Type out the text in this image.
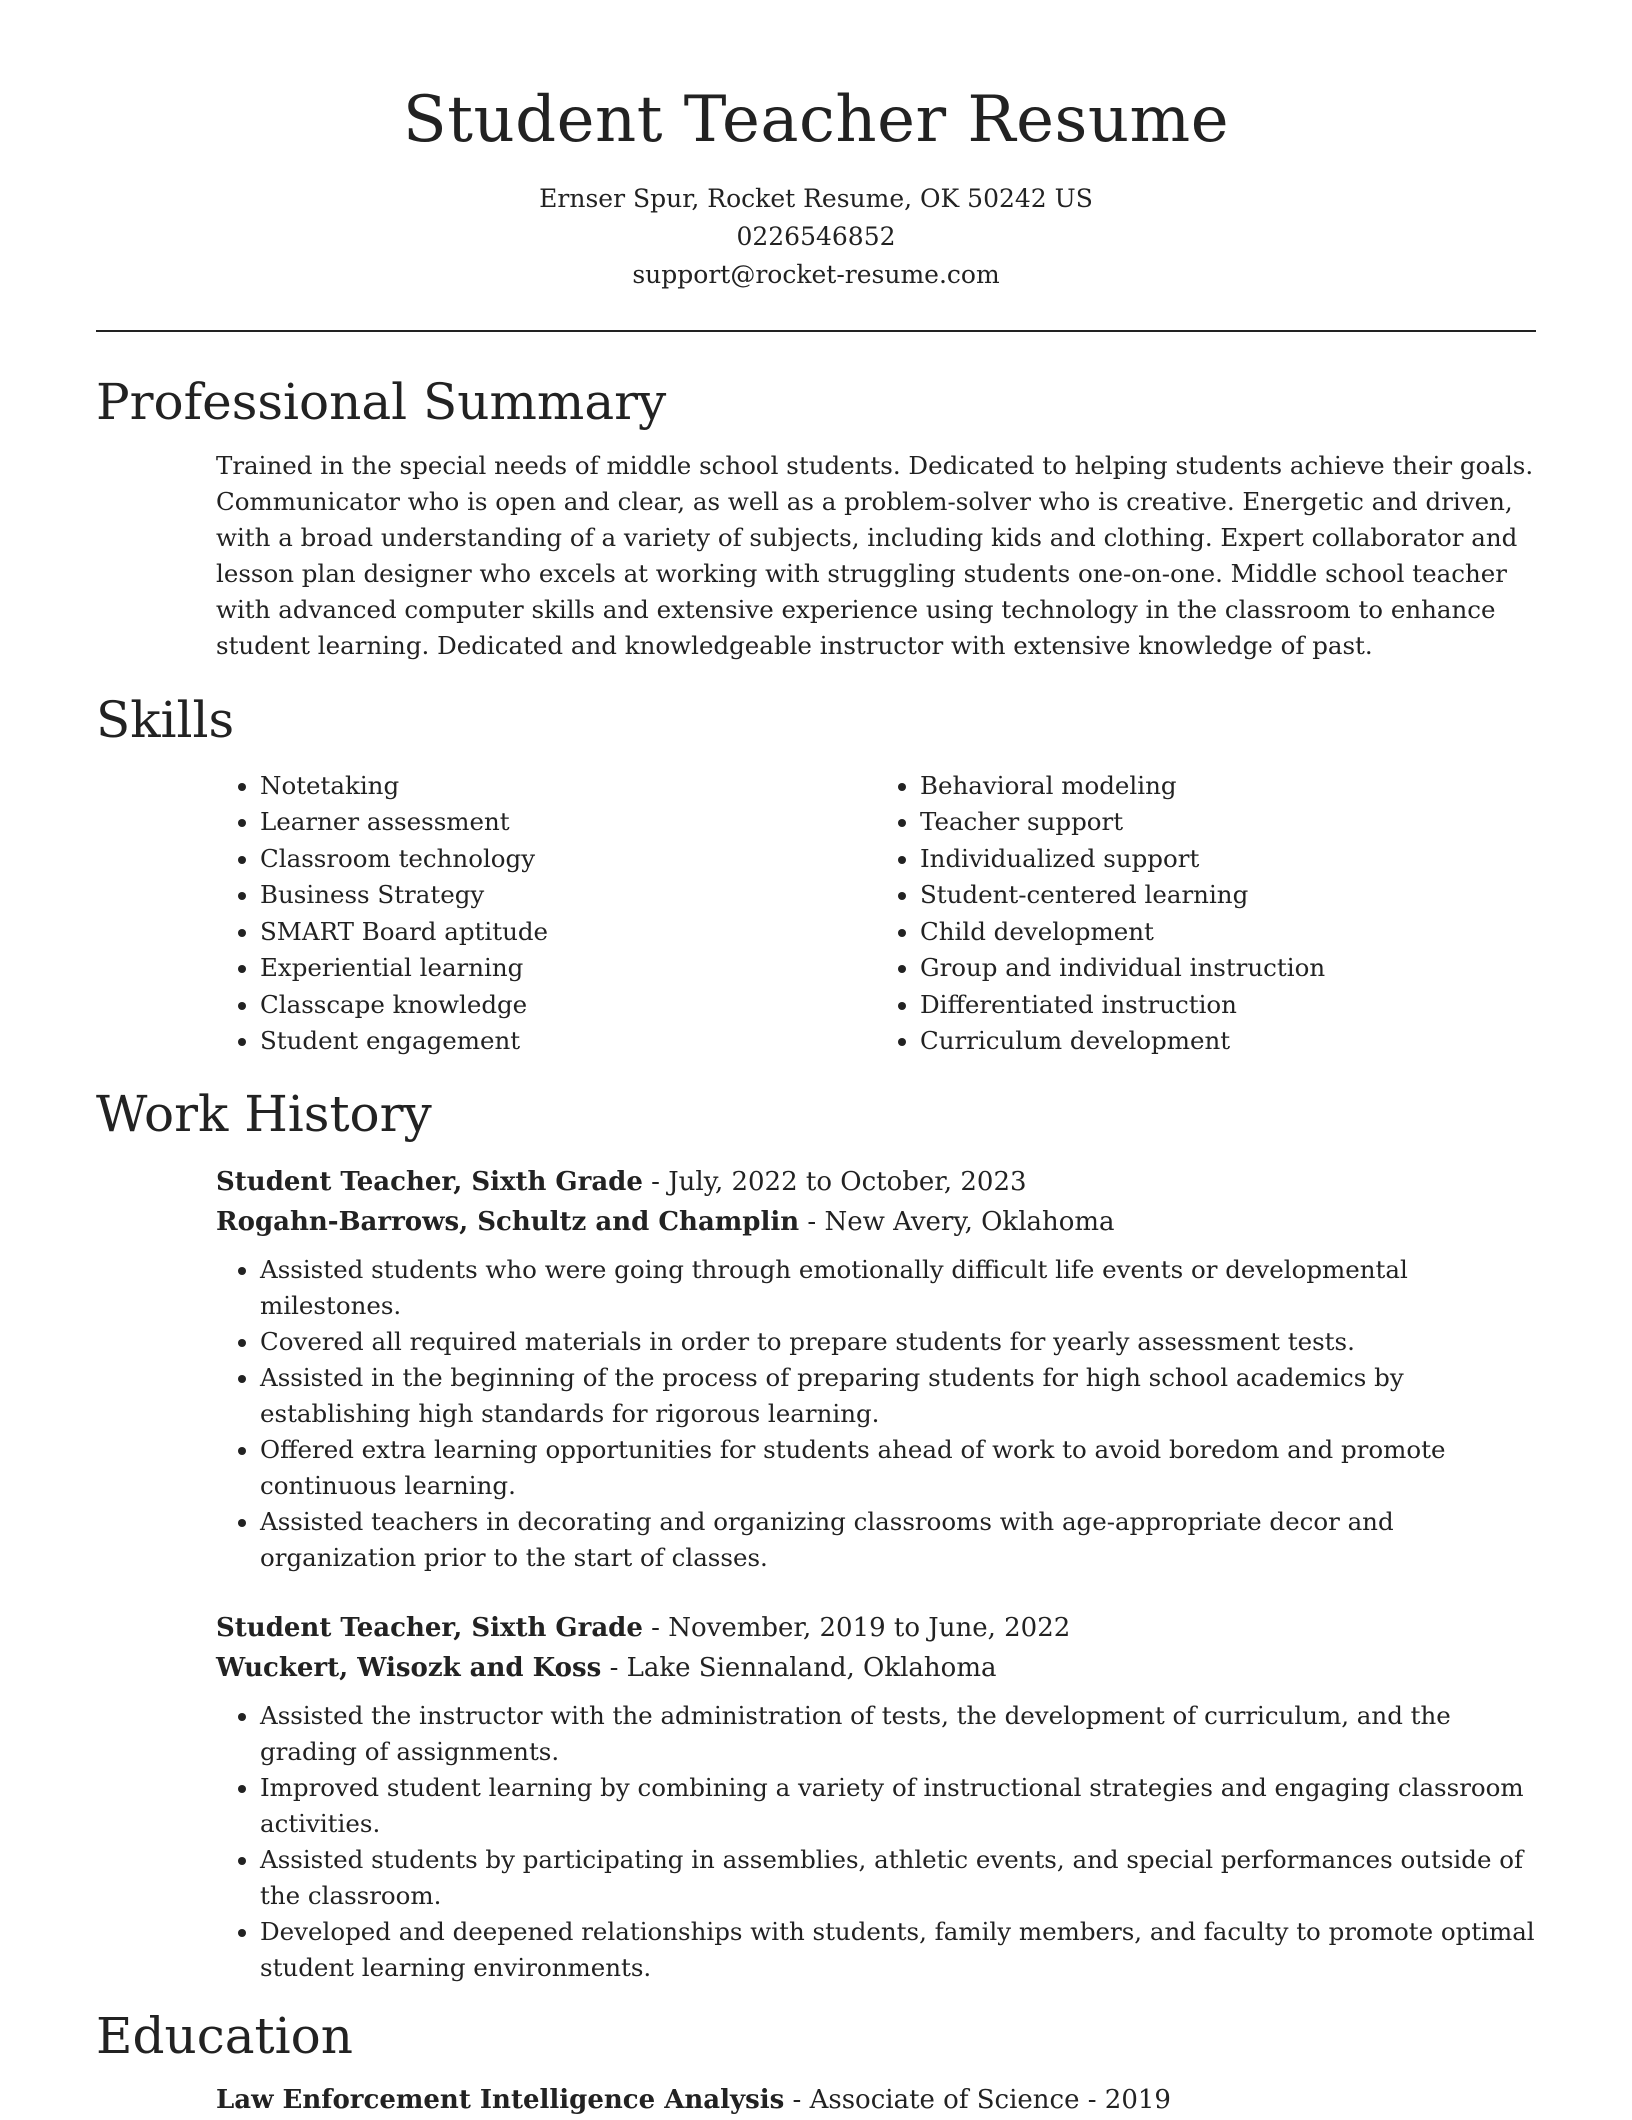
Student Teacher Resume
Ernser Spur, Rocket Resume, OK 50242 US
0226546852
support@rocket-resume.com
Professional Summary

Trained in the special needs of middle school students. Dedicated to helping students achieve their goals. Communicator who is open and clear, as well as a problem-solver who is creative. Energetic and driven, with a broad understanding of a variety of subjects, including kids and clothing. Expert collaborator and lesson plan designer who excels at working with struggling students one-on-one. Middle school teacher with advanced computer skills and extensive experience using technology in the classroom to enhance student learning. Dedicated and knowledgeable instructor with extensive knowledge of past.

Skills
• Notetaking
• Learner assessment
• Classroom technology
• Business Strategy
• SMART Board aptitude
• Experiential learning
• Classcape knowledge
• Student engagement
• Behavioral modeling
• Teacher support
• Individualized support
• Student-centered learning
• Child development
• Group and individual instruction
• Differentiated instruction
• Curriculum development
Work History
Student Teacher, Sixth Grade - July, 2022 to October, 2023
Rogahn-Barrows, Schultz and Champlin - New Avery, Oklahoma
• Assisted students who were going through emotionally difficult life events or developmental milestones.
• Covered all required materials in order to prepare students for yearly assessment tests.
• Assisted in the beginning of the process of preparing students for high school academics by establishing high standards for rigorous learning.
• Offered extra learning opportunities for students ahead of work to avoid boredom and promote continuous learning.
• Assisted teachers in decorating and organizing classrooms with age-appropriate decor and organization prior to the start of classes.
Student Teacher, Sixth Grade - November, 2019 to June, 2022
Wuckert, Wisozk and Koss - Lake Siennaland, Oklahoma
• Assisted the instructor with the administration of tests, the development of curriculum, and the grading of assignments.
• Improved student learning by combining a variety of instructional strategies and engaging classroom activities.
• Assisted students by participating in assemblies, athletic events, and special performances outside of the classroom.
• Developed and deepened relationships with students, family members, and faculty to promote optimal student learning environments.
Education
Law Enforcement Intelligence Analysis - Associate of Science - 2019
